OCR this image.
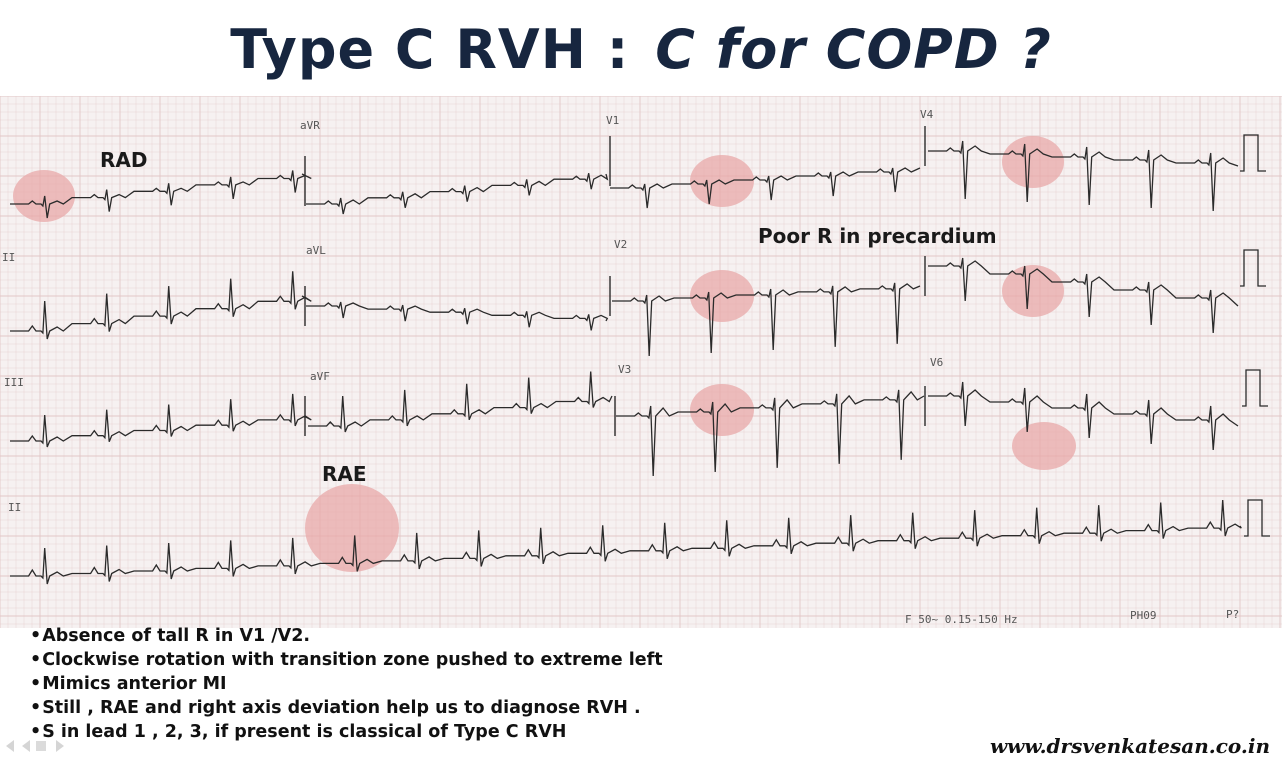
Type C RVH : C for COPD ?
aVR	V1	V4
II
aVL	V2
III	aVF
V3
V6
II
F 50~ 0.15-150 Hz	PH09	P?
RAD
Poor R in precardium
RAE
• Absence of tall R in V1 /V2.
• Clockwise rotation with transition zone pushed to extreme left
• Mimics anterior MI
• Still , RAE and right axis deviation help us to diagnose RVH .
• S in lead 1 , 2, 3, if present is classical of Type C RVH
www.drsvenkatesan.co.in
